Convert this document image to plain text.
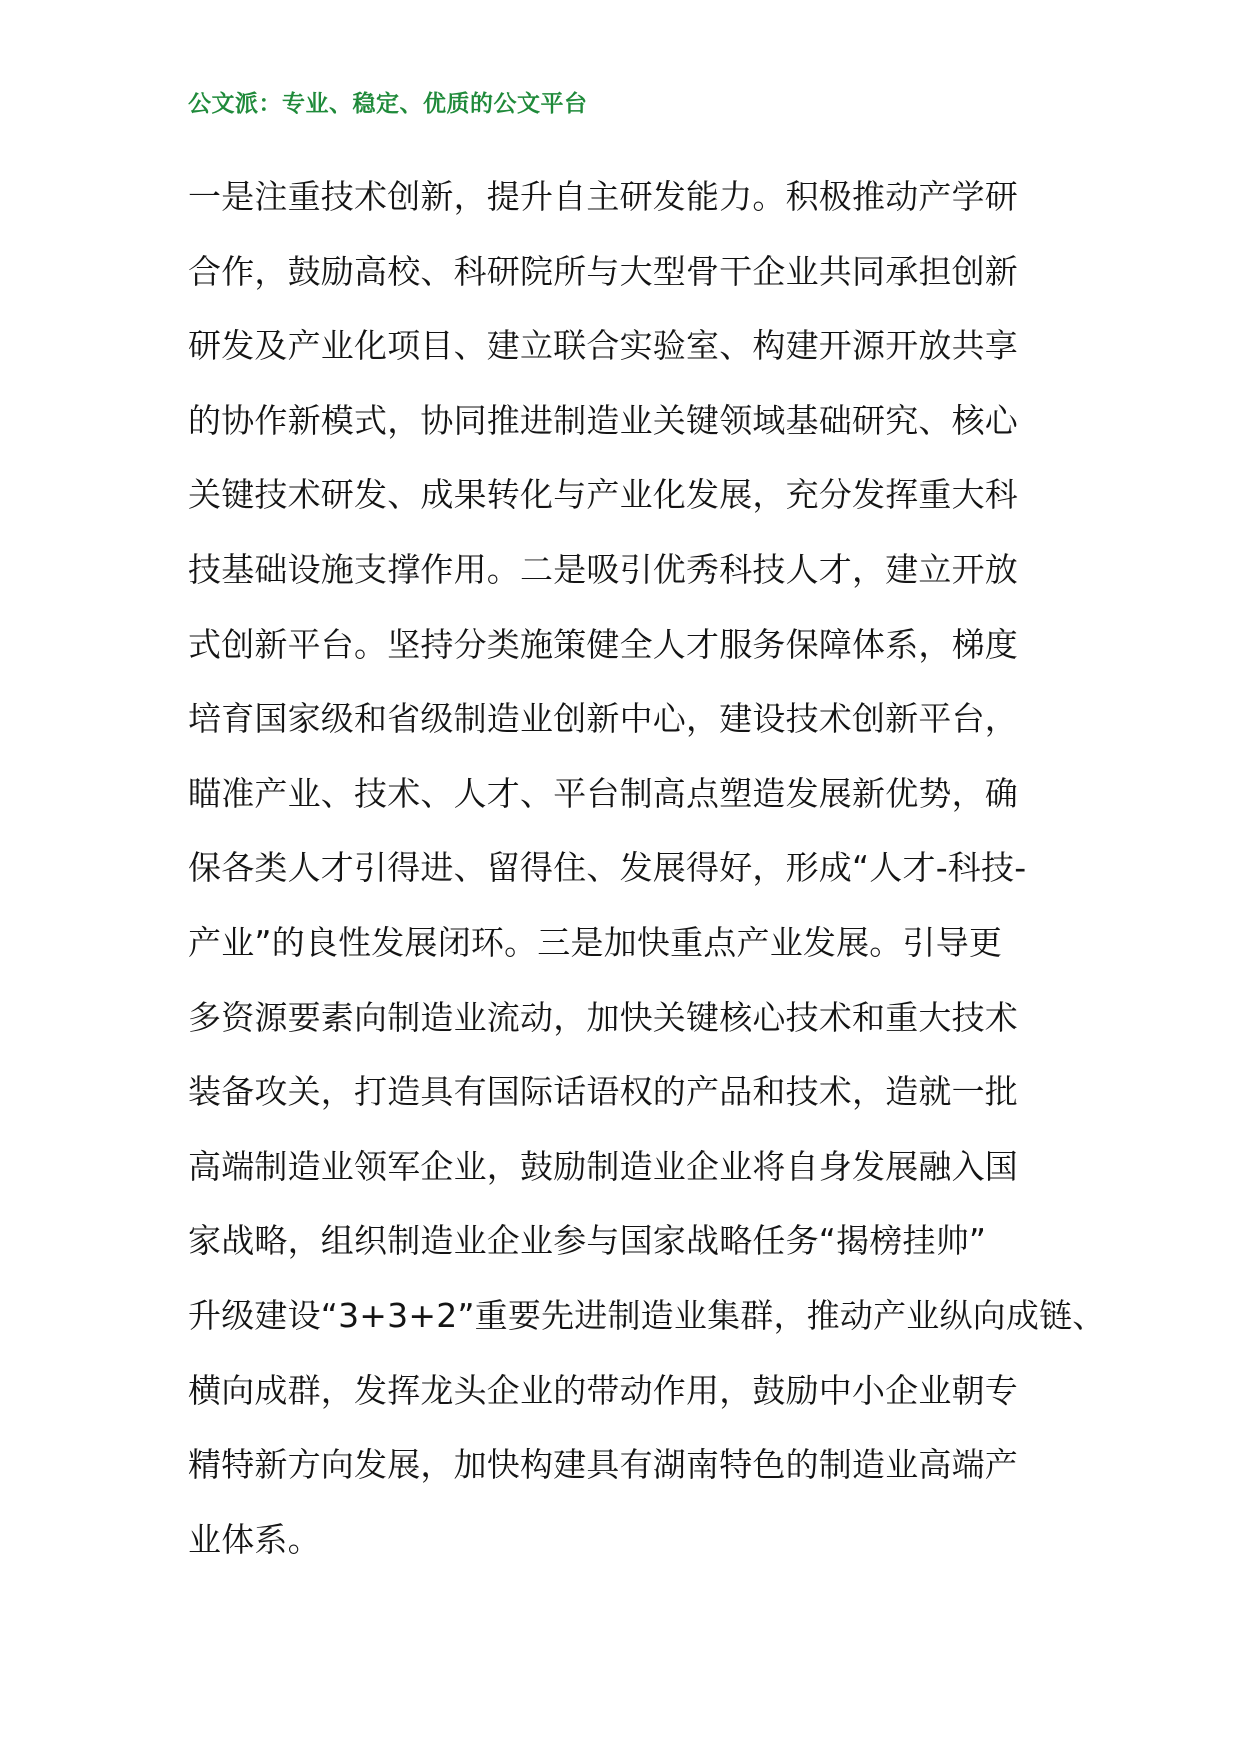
公文派：专业、稳定、优质的公文平台
一是注重技术创新，提升自主研发能力。积极推动产学研
合作，鼓励高校、科研院所与大型骨干企业共同承担创新
研发及产业化项目、建立联合实验室、构建开源开放共享
的协作新模式，协同推进制造业关键领域基础研究、核心
关键技术研发、成果转化与产业化发展，充分发挥重大科
技基础设施支撑作用。二是吸引优秀科技人才，建立开放
式创新平台。坚持分类施策健全人才服务保障体系，梯度
培育国家级和省级制造业创新中心，建设技术创新平台，
瞄准产业、技术、人才、平台制高点塑造发展新优势，确
保各类人才引得进、留得住、发展得好，形成“人才-科技-
产业”的良性发展闭环。三是加快重点产业发展。引导更
多资源要素向制造业流动，加快关键核心技术和重大技术
装备攻关，打造具有国际话语权的产品和技术，造就一批
高端制造业领军企业，鼓励制造业企业将自身发展融入国
家战略，组织制造业企业参与国家战略任务“揭榜挂帅”
升级建设“3+3+2”重要先进制造业集群，推动产业纵向成链、
横向成群，发挥龙头企业的带动作用，鼓励中小企业朝专
精特新方向发展，加快构建具有湖南特色的制造业高端产
业体系。
